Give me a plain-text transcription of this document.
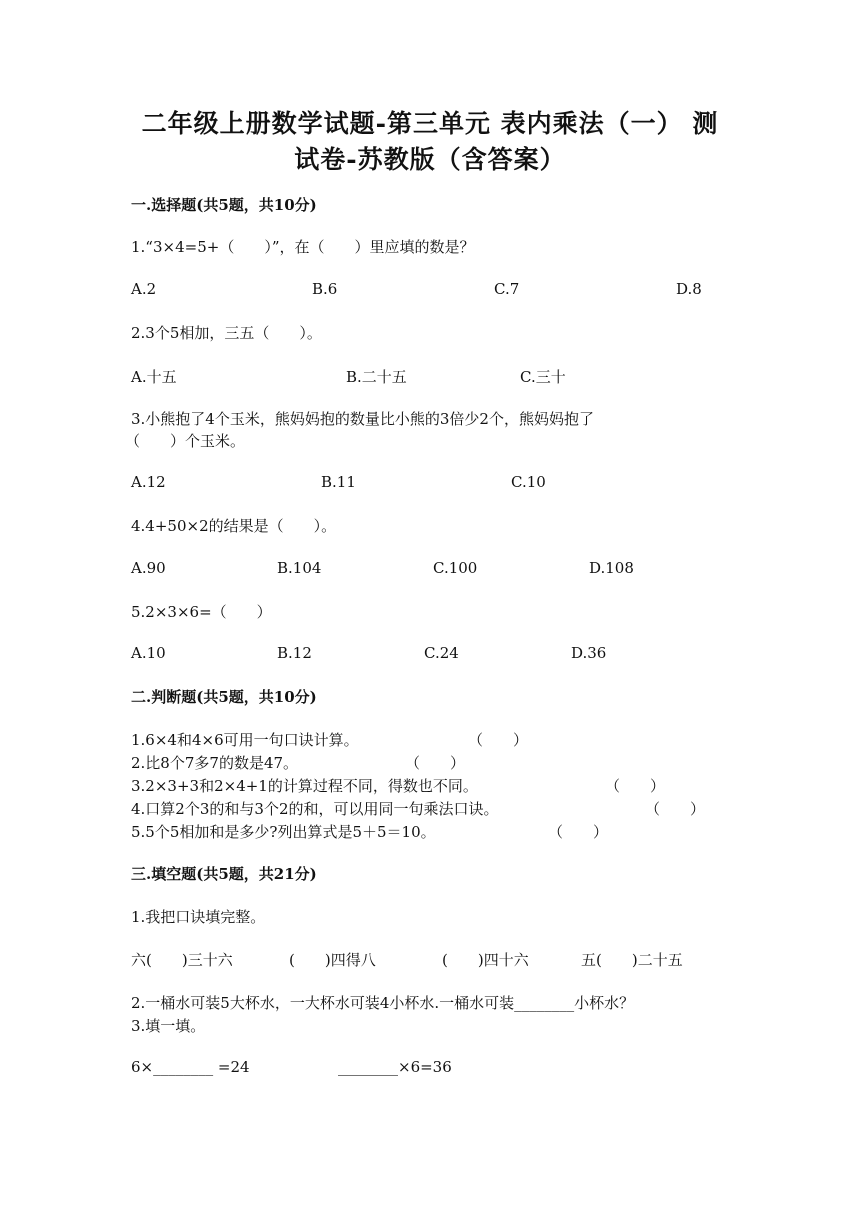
二年级上册数学试题-第三单元 表内乘法（一） 测
试卷-苏教版（含答案）
一.选择题(共5题，共10分)
1.“3×4=5+（　　）”，在（　　）里应填的数是？
A.2	B.6	C.7	D.8
2.3个5相加，三五（　　）。
A.十五	B.二十五	C.三十
3.小熊抱了4个玉米，熊妈妈抱的数量比小熊的3倍少2个，熊妈妈抱了
（　　）个玉米。
A.12	B.11	C.10
4.4+50×2的结果是（　　）。
A.90	B.104	C.100	D.108
5.2×3×6=（　　）
A.10	B.12	C.24	D.36
二.判断题(共5题，共10分)
1.6×4和4×6可用一句口诀计算。	（　　）
2.比8个7多7的数是47。	（　　）
3.2×3+3和2×4+1的计算过程不同，得数也不同。	（　　）
4.口算2个3的和与3个2的和，可以用同一句乘法口诀。	（　　）
5.5个5相加和是多少?列出算式是5＋5＝10。	（　　）
三.填空题(共5题，共21分)
1.我把口诀填完整。
六(　　)三十六	(　　)四得八	(　　)四十六	五(　　)二十五
2.一桶水可装5大杯水，一大杯水可装4小杯水.一桶水可装________小杯水？
3.填一填。
6×________ =24	________×6=36
